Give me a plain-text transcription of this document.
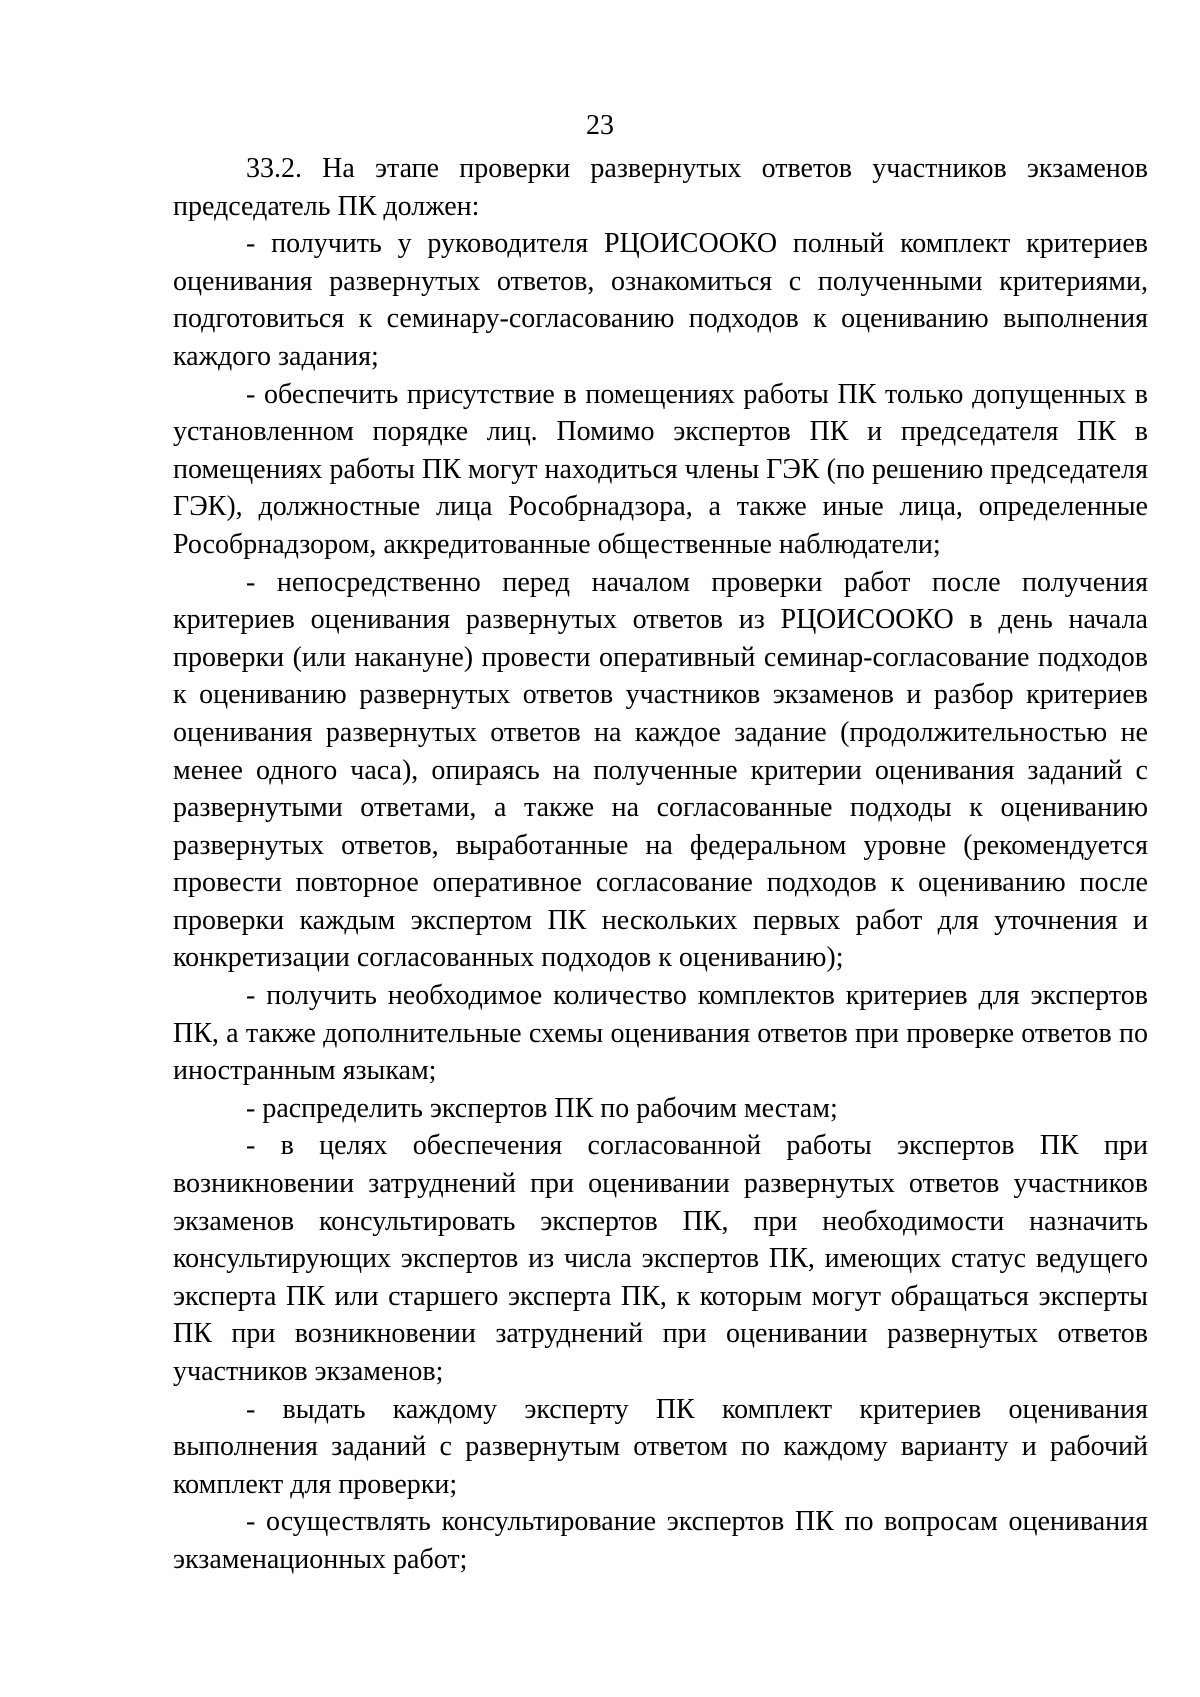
23

33.2. На этапе проверки развернутых ответов участников экзаменов председатель ПК должен:

- получить у руководителя РЦОИСООКО полный комплект критериев оценивания развернутых ответов, ознакомиться с полученными критериями, подготовиться к семинару-согласованию подходов к оцениванию выполнения каждого задания;

- обеспечить присутствие в помещениях работы ПК только допущенных в установленном порядке лиц. Помимо экспертов ПК и председателя ПК в помещениях работы ПК могут находиться члены ГЭК (по решению председателя ГЭК), должностные лица Рособрнадзора, а также иные лица, определенные Рособрнадзором, аккредитованные общественные наблюдатели;

- непосредственно перед началом проверки работ после получения критериев оценивания развернутых ответов из РЦОИСООКО в день начала проверки (или накануне) провести оперативный семинар-согласование подходов к оцениванию развернутых ответов участников экзаменов и разбор критериев оценивания развернутых ответов на каждое задание (продолжительностью не менее одного часа), опираясь на полученные критерии оценивания заданий с развернутыми ответами, а также на согласованные подходы к оцениванию развернутых ответов, выработанные на федеральном уровне (рекомендуется провести повторное оперативное согласование подходов к оцениванию после проверки каждым экспертом ПК нескольких первых работ для уточнения и конкретизации согласованных подходов к оцениванию);

- получить необходимое количество комплектов критериев для экспертов ПК, а также дополнительные схемы оценивания ответов при проверке ответов по иностранным языкам;

- распределить экспертов ПК по рабочим местам;

- в целях обеспечения согласованной работы экспертов ПК при возникновении затруднений при оценивании развернутых ответов участников экзаменов консультировать экспертов ПК, при необходимости назначить консультирующих экспертов из числа экспертов ПК, имеющих статус ведущего эксперта ПК или старшего эксперта ПК, к которым могут обращаться эксперты ПК при возникновении затруднений при оценивании развернутых ответов участников экзаменов;

- выдать каждому эксперту ПК комплект критериев оценивания выполнения заданий с развернутым ответом по каждому варианту и рабочий комплект для проверки;

- осуществлять консультирование экспертов ПК по вопросам оценивания экзаменационных работ;
